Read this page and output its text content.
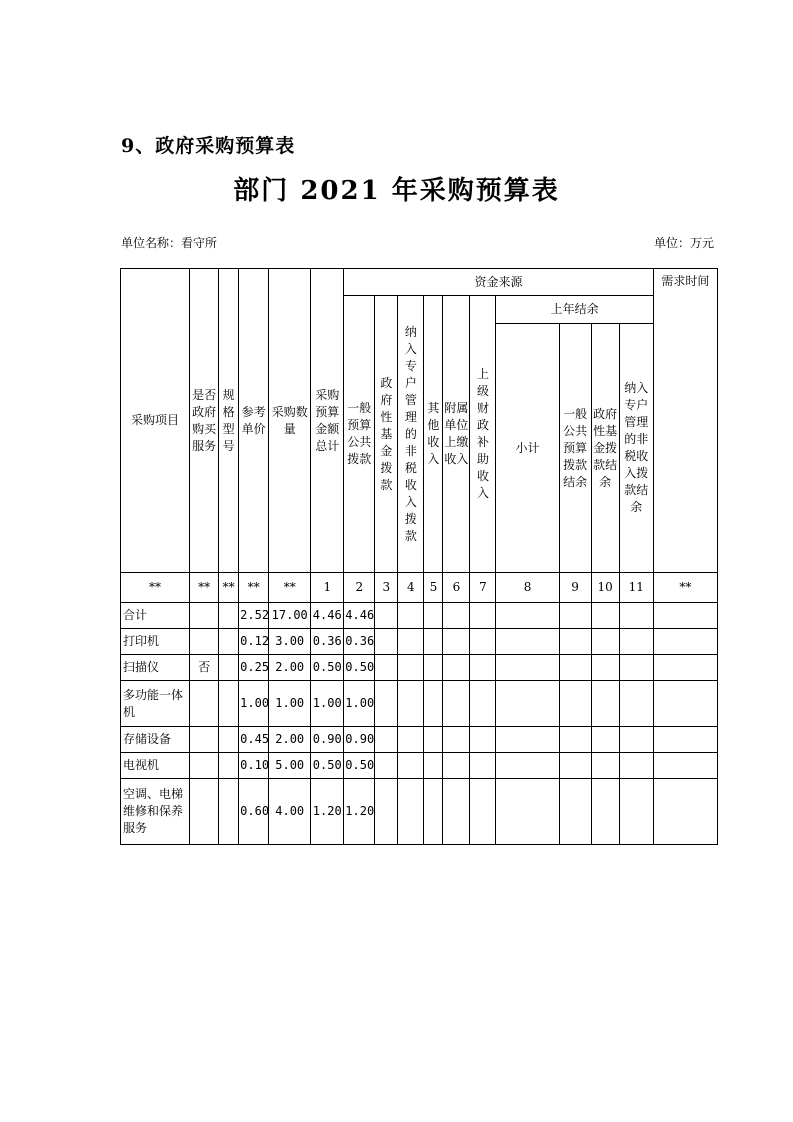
9、政府采购预算表
部门 2021 年采购预算表
单位名称：看守所	单位：万元
采购项目	是否政府购买服务	规格型号	参考单价	采购数量	采购预算金额总计	资金来源										需求时间
						一般预算公共拨款	政府性基金拨款	纳入专户管理的非税收入拨款	其他收入	附属单位上缴收入	上级财政补助收入	上年结余				
												小计	一般公共预算拨款结余	政府性基金拨款结余	纳入专户管理的非税收入拨款结余	
**	**	**	**	**	1	2	3	4	5	6	7	8	9	10	11	**
合计			2.52	17.00	4.46	4.46										
打印机			0.12	3.00	0.36	0.36										
扫描仪	否		0.25	2.00	0.50	0.50										
多功能一体机			1.00	1.00	1.00	1.00										
存储设备			0.45	2.00	0.90	0.90										
电视机			0.10	5.00	0.50	0.50										
空调、电梯维修和保养服务			0.60	4.00	1.20	1.20										
